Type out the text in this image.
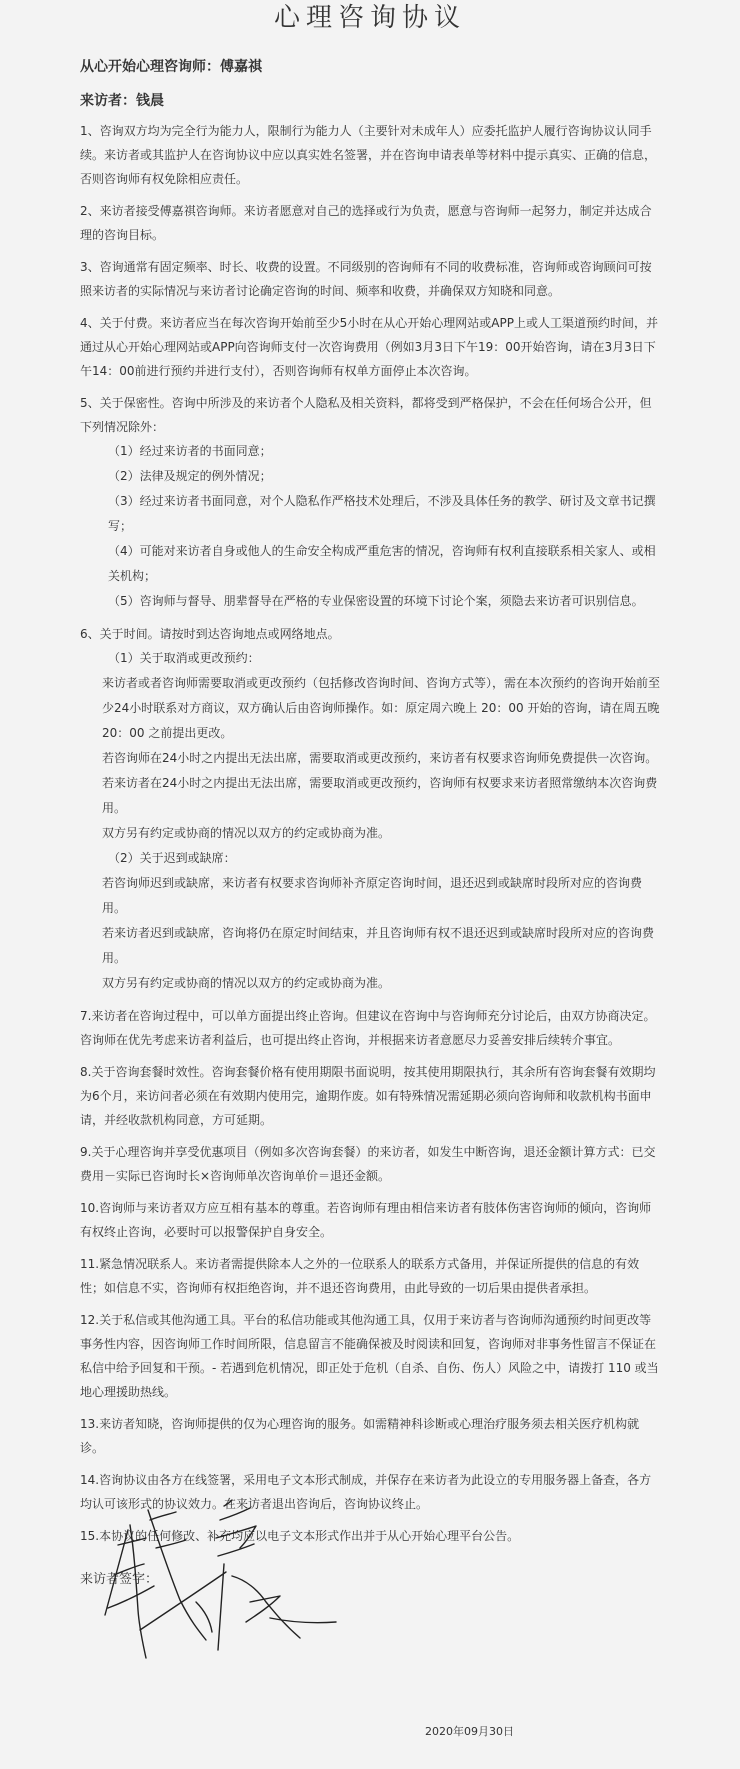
心理咨询协议
从心开始心理咨询师：傅嘉祺
来访者：钱晨
1、咨询双方均为完全行为能力人，限制行为能力人（主要针对未成年人）应委托监护人履行咨询协议认同手续。来访者或其监护人在咨询协议中应以真实姓名签署，并在咨询申请表单等材料中提示真实、正确的信息，否则咨询师有权免除相应责任。
2、来访者接受傅嘉祺咨询师。来访者愿意对自己的选择或行为负责，愿意与咨询师一起努力，制定并达成合理的咨询目标。
3、咨询通常有固定频率、时长、收费的设置。不同级别的咨询师有不同的收费标准，咨询师或咨询顾问可按照来访者的实际情况与来访者讨论确定咨询的时间、频率和收费，并确保双方知晓和同意。
4、关于付费。来访者应当在每次咨询开始前至少5小时在从心开始心理网站或APP上或人工渠道预约时间，并通过从心开始心理网站或APP向咨询师支付一次咨询费用（例如3月3日下午19：00开始咨询，请在3月3日下午14：00前进行预约并进行支付），否则咨询师有权单方面停止本次咨询。
5、关于保密性。咨询中所涉及的来访者个人隐私及相关资料，都将受到严格保护，不会在任何场合公开，但下列情况除外：
（1）经过来访者的书面同意；
（2）法律及规定的例外情况；
（3）经过来访者书面同意，对个人隐私作严格技术处理后，不涉及具体任务的教学、研讨及文章书记撰写；
（4）可能对来访者自身或他人的生命安全构成严重危害的情况，咨询师有权利直接联系相关家人、或相关机构；
（5）咨询师与督导、朋辈督导在严格的专业保密设置的环境下讨论个案，须隐去来访者可识别信息。
6、关于时间。请按时到达咨询地点或网络地点。
（1）关于取消或更改预约：
来访者或者咨询师需要取消或更改预约（包括修改咨询时间、咨询方式等），需在本次预约的咨询开始前至少24小时联系对方商议，双方确认后由咨询师操作。如：原定周六晚上 20：00 开始的咨询，请在周五晚 20：00 之前提出更改。
若咨询师在24小时之内提出无法出席，需要取消或更改预约，来访者有权要求咨询师免费提供一次咨询。
若来访者在24小时之内提出无法出席，需要取消或更改预约，咨询师有权要求来访者照常缴纳本次咨询费用。
双方另有约定或协商的情况以双方的约定或协商为准。
（2）关于迟到或缺席：
若咨询师迟到或缺席，来访者有权要求咨询师补齐原定咨询时间，退还迟到或缺席时段所对应的咨询费用。
若来访者迟到或缺席，咨询将仍在原定时间结束，并且咨询师有权不退还迟到或缺席时段所对应的咨询费用。
双方另有约定或协商的情况以双方的约定或协商为准。
7.来访者在咨询过程中，可以单方面提出终止咨询。但建议在咨询中与咨询师充分讨论后，由双方协商决定。咨询师在优先考虑来访者利益后，也可提出终止咨询，并根据来访者意愿尽力妥善安排后续转介事宜。
8.关于咨询套餐时效性。咨询套餐价格有使用期限书面说明，按其使用期限执行，其余所有咨询套餐有效期均为6个月，来访问者必须在有效期内使用完，逾期作废。如有特殊情况需延期必须向咨询师和收款机构书面申请，并经收款机构同意，方可延期。
9.关于心理咨询并享受优惠项目（例如多次咨询套餐）的来访者，如发生中断咨询，退还金额计算方式：已交费用－实际已咨询时长×咨询师单次咨询单价＝退还金额。
10.咨询师与来访者双方应互相有基本的尊重。若咨询师有理由相信来访者有肢体伤害咨询师的倾向，咨询师有权终止咨询，必要时可以报警保护自身安全。
11.紧急情况联系人。来访者需提供除本人之外的一位联系人的联系方式备用，并保证所提供的信息的有效性；如信息不实，咨询师有权拒绝咨询，并不退还咨询费用，由此导致的一切后果由提供者承担。
12.关于私信或其他沟通工具。平台的私信功能或其他沟通工具，仅用于来访者与咨询师沟通预约时间更改等事务性内容，因咨询师工作时间所限，信息留言不能确保被及时阅读和回复，咨询师对非事务性留言不保证在私信中给予回复和干预。- 若遇到危机情况，即正处于危机（自杀、自伤、伤人）风险之中，请拨打 110 或当地心理援助热线。
13.来访者知晓，咨询师提供的仅为心理咨询的服务。如需精神科诊断或心理治疗服务须去相关医疗机构就诊。
14.咨询协议由各方在线签署，采用电子文本形式制成，并保存在来访者为此设立的专用服务器上备查，各方均认可该形式的协议效力。在来访者退出咨询后，咨询协议终止。
15.本协议的任何修改、补充均应以电子文本形式作出并于从心开始心理平台公告。
来访者签字：
2020年09月30日
